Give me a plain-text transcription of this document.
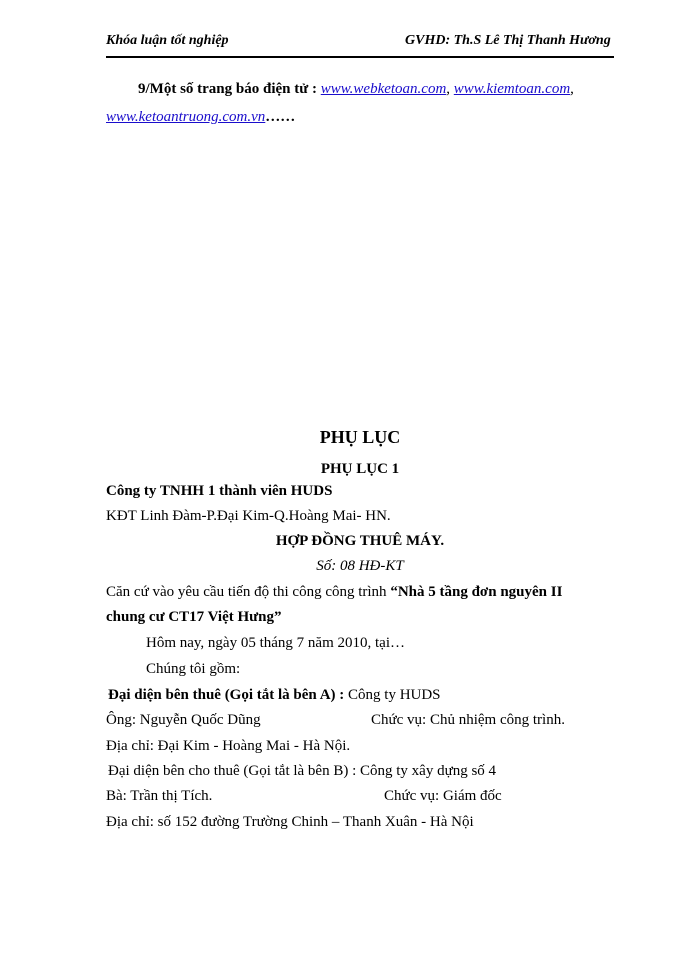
Khóa luận tốt nghiệp	GVHD: Th.S Lê Thị Thanh Hương
9/Một số trang báo điện tử : www.webketoan.com, www.kiemtoan.com,
www.ketoantruong.com.vn……
PHỤ LỤC
PHỤ LỤC 1
Công ty TNHH 1 thành viên HUDS
KĐT Linh Đàm-P.Đại Kim-Q.Hoàng Mai- HN.
HỢP ĐỒNG THUÊ MÁY.
Số: 08 HĐ-KT
Căn cứ vào yêu cầu tiến độ thi công công trình “Nhà 5 tầng đơn nguyên II
chung cư CT17 Việt Hưng”
Hôm nay, ngày 05 tháng 7 năm 2010, tại…
Chúng tôi gồm:
Đại diện bên thuê (Gọi tắt là bên A) : Công ty HUDS
Ông: Nguyễn Quốc Dũng	Chức vụ: Chủ nhiệm công trình.
Địa chỉ: Đại Kim - Hoàng Mai - Hà Nội.
Đại diện bên cho thuê (Gọi tắt là bên B) : Công ty xây dựng số 4
Bà: Trần thị Tích.	Chức vụ: Giám đốc
Địa chỉ: số 152 đường Trường Chinh – Thanh Xuân - Hà Nội
